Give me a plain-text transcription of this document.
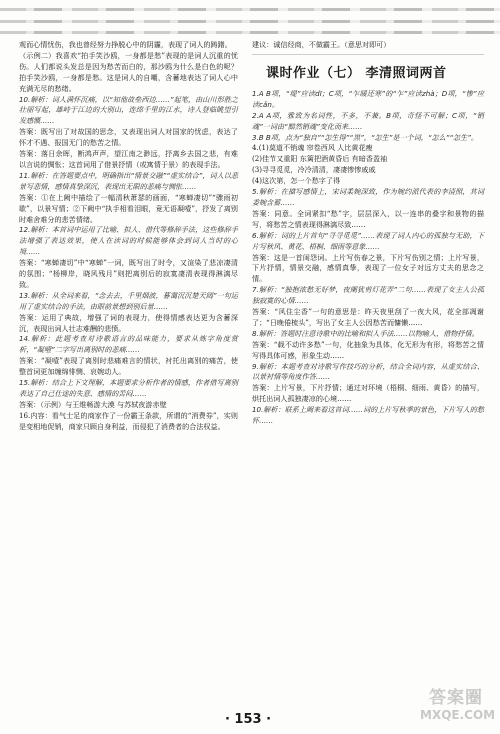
观而心情忧伤，我也曾经努力挣脱心中的阴霾，表现了词人的踌躇。

（示例二）我喜欢“拍手笑沙鸥，一身都是愁”表现的是词人沉重的忧伤。人们都说头发总是因为愁苦而白的，那沙鸥为什么是白色的呢？拍手笑沙鸥，一身都是愁。这是词人的自嘲，含蓄地表达了词人心中充满无尽的愁绪。

10.解析：词人满怀沉痛，以“知他故垒西边……”起笔，由山川形胜之壮丽写起，雄峙于江边的大别山，连绵千里的江水，诗人登临眺望引发感慨……

答案：既写出了对故国的思念，又表现出词人对国家的忧虑，表达了怀才不遇、报国无门的愁苦之情。

答案：落日余晖，断鸿声声，望江南之渺远，抒离乡去国之悲，有难以言说的惆怅；这首词用了借景抒情（或寓情于景）的表现手法。

11.解析：在答题要点中，明确指出“情景交融”“虚实结合”，词人以悲景写悲情，感情真挚深沉，表现出无限的悲痛与惆怅……

答案：①在上阙中描绘了一幅清秋萧瑟的画面，“寒蝉凄切”“骤雨初歇”，以景写情；②下阙中“执手相看泪眼，竟无语凝噎”，抒发了离别时难舍难分的悲苦情绪。

12.解析：本首词中运用了比喻、拟人、借代等修辞手法，这些修辞手法增强了表达效果，使人在读词的时候能够体会到词人当时的心境……

答案：“寒蝉凄切”中“寒蝉”一词，既写出了时令，又渲染了悲凉凄清的氛围；“杨柳岸，晓风残月”则把离别后的寂寞凄清表现得淋漓尽致。

13.解析：从全词来看，“念去去，千里烟波，暮霭沉沉楚天阔”一句运用了虚实结合的手法，由眼前景想到别后景……

答案：运用了典故，增强了词的表现力，使得情感表达更为含蓄深沉，表现出词人壮志难酬的悲愤。

14.解析：此题考查对诗歌语言的品味能力，要求从炼字角度赏析，“凝噎”二字写出离别时的悲痛……

答案：“凝噎”表现了离别时悲痛难言的情状，衬托出离别的痛苦，使整首词更加缠绵悱恻、哀婉动人。

15.解析：结合上下文理解，本题要求分析作者的情感，作者借写离别表达了自己仕途的失意、感情的苦闷……

答案：（示例）与王维畅游大漠 与苏轼夜游赤壁

16.内容：看气士足的商家作了一份霸王条款，所谓的“消费券”，实则是变相地促销，商家只顾自身利益，而侵犯了消费者的合法权益。

建议：诚信经商，不做霸王。（意思对即可）

课时作业（七） 李清照词两首

1.A B项，“堤”应读dī；C项，“乍暖还寒”的“乍”应读zhà；D项，“惨”应读cǎn。

2.A A项，雅致为名词性，不多，不兼。B项，奇怪不可解；C项，“销魂”一词由“黯然销魂”变化而来……

3.B B项，点为“独自”“怎生得”“黑”，“怎生”是一个词，“怎么”“怎生”。

4.(1)莫道不销魂 帘卷西风 人比黄花瘦

(2)佳节又重阳 东篱把酒黄昏后 有暗香盈袖

(3)寻寻觅觅，冷冷清清，凄凄惨惨戚戚

(4)这次第，怎一个愁字了得

5.解析：在描写感情上，宋词柔婉深致，作为婉约派代表的李清照，其词委婉含蓄……

答案：同意。全词紧扣“愁”字，层层深入，以一连串的叠字和景物的描写，将愁苦之情表现得淋漓尽致……

6.解析：词的上片首句“寻寻觅觅”……表现了词人内心的孤独与无助，下片写秋风、黄花、梧桐、细雨等意象……

答案：这是一首闺怨词。上片写伤春之景，下片写伤别之情；上片写景，下片抒情，情景交融，感情真挚，表现了一位女子对远方丈夫的思念之情。

7.解析：“独抱浓愁无好梦，夜阑犹剪灯花弄”二句……表现了女主人公孤独寂寞的心情……

答案：“风住尘香”一句的意思是：昨天夜里刮了一夜大风，花全部凋谢了；“日晚倦梳头”，写出了女主人公因愁苦而慵懒……

8.解析：答题时注意诗歌中的比喻和拟人手法……以物喻人，借物抒情。

答案：“载不动许多愁”一句，化抽象为具体，化无形为有形，将愁苦之情写得具体可感，形象生动……

9.解析：本题考查对诗歌写作技巧的分析，结合全词内容，从虚实结合、以景衬情等角度作答……

答案：上片写景，下片抒情；通过对环境（梧桐、细雨、黄昏）的描写，烘托出词人孤独凄凉的心境……

10.解析：联系上阙来看这首词……词的上片写秋季的景色，下片写人的愁怀……

· 153 ·
答案圈
MXQE.COM
